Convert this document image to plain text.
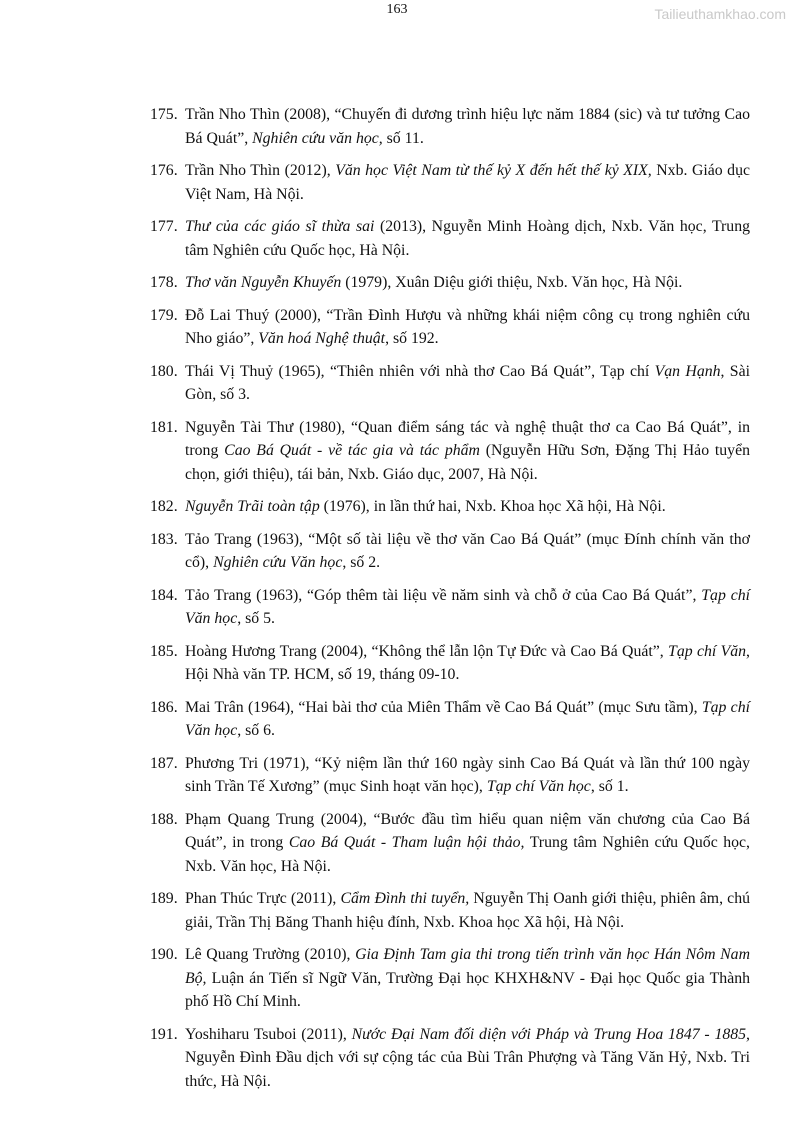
163	Tailieuthamkhao.com
175. Trần Nho Thìn (2008), “Chuyến đi dương trình hiệu lực năm 1884 (sic) và tư tưởng Cao Bá Quát”, Nghiên cứu văn học, số 11.
176. Trần Nho Thìn (2012), Văn học Việt Nam từ thế kỷ X đến hết thế kỷ XIX, Nxb. Giáo dục Việt Nam, Hà Nội.
177. Thư của các giáo sĩ thừa sai (2013), Nguyễn Minh Hoàng dịch, Nxb. Văn học, Trung tâm Nghiên cứu Quốc học, Hà Nội.
178. Thơ văn Nguyễn Khuyến (1979), Xuân Diệu giới thiệu, Nxb. Văn học, Hà Nội.
179. Đỗ Lai Thuý (2000), “Trần Đình Hượu và những khái niệm công cụ trong nghiên cứu Nho giáo”, Văn hoá Nghệ thuật, số 192.
180. Thái Vị Thuỷ (1965), “Thiên nhiên với nhà thơ Cao Bá Quát”, Tạp chí Vạn Hạnh, Sài Gòn, số 3.
181. Nguyễn Tài Thư (1980), “Quan điểm sáng tác và nghệ thuật thơ ca Cao Bá Quát”, in trong Cao Bá Quát - về tác gia và tác phẩm (Nguyễn Hữu Sơn, Đặng Thị Hảo tuyển chọn, giới thiệu), tái bản, Nxb. Giáo dục, 2007, Hà Nội.
182. Nguyễn Trãi toàn tập (1976), in lần thứ hai, Nxb. Khoa học Xã hội, Hà Nội.
183. Tảo Trang (1963), “Một số tài liệu về thơ văn Cao Bá Quát” (mục Đính chính văn thơ cổ), Nghiên cứu Văn học, số 2.
184. Tảo Trang (1963), “Góp thêm tài liệu về năm sinh và chỗ ở của Cao Bá Quát”, Tạp chí Văn học, số 5.
185. Hoàng Hương Trang (2004), “Không thể lẫn lộn Tự Đức và Cao Bá Quát”, Tạp chí Văn, Hội Nhà văn TP. HCM, số 19, tháng 09-10.
186. Mai Trân (1964), “Hai bài thơ của Miên Thẩm về Cao Bá Quát” (mục Sưu tầm), Tạp chí Văn học, số 6.
187. Phương Tri (1971), “Kỷ niệm lần thứ 160 ngày sinh Cao Bá Quát và lần thứ 100 ngày sinh Trần Tế Xương” (mục Sinh hoạt văn học), Tạp chí Văn học, số 1.
188. Phạm Quang Trung (2004), “Bước đầu tìm hiểu quan niệm văn chương của Cao Bá Quát”, in trong Cao Bá Quát - Tham luận hội thảo, Trung tâm Nghiên cứu Quốc học, Nxb. Văn học, Hà Nội.
189. Phan Thúc Trực (2011), Cẩm Đình thi tuyển, Nguyễn Thị Oanh giới thiệu, phiên âm, chú giải, Trần Thị Băng Thanh hiệu đính, Nxb. Khoa học Xã hội, Hà Nội.
190. Lê Quang Trường (2010), Gia Định Tam gia thi trong tiến trình văn học Hán Nôm Nam Bộ, Luận án Tiến sĩ Ngữ Văn, Trường Đại học KHXH&NV - Đại học Quốc gia Thành phố Hồ Chí Minh.
191. Yoshiharu Tsuboi (2011), Nước Đại Nam đối diện với Pháp và Trung Hoa 1847 - 1885, Nguyễn Đình Đầu dịch với sự cộng tác của Bùi Trân Phượng và Tăng Văn Hỷ, Nxb. Tri thức, Hà Nội.
